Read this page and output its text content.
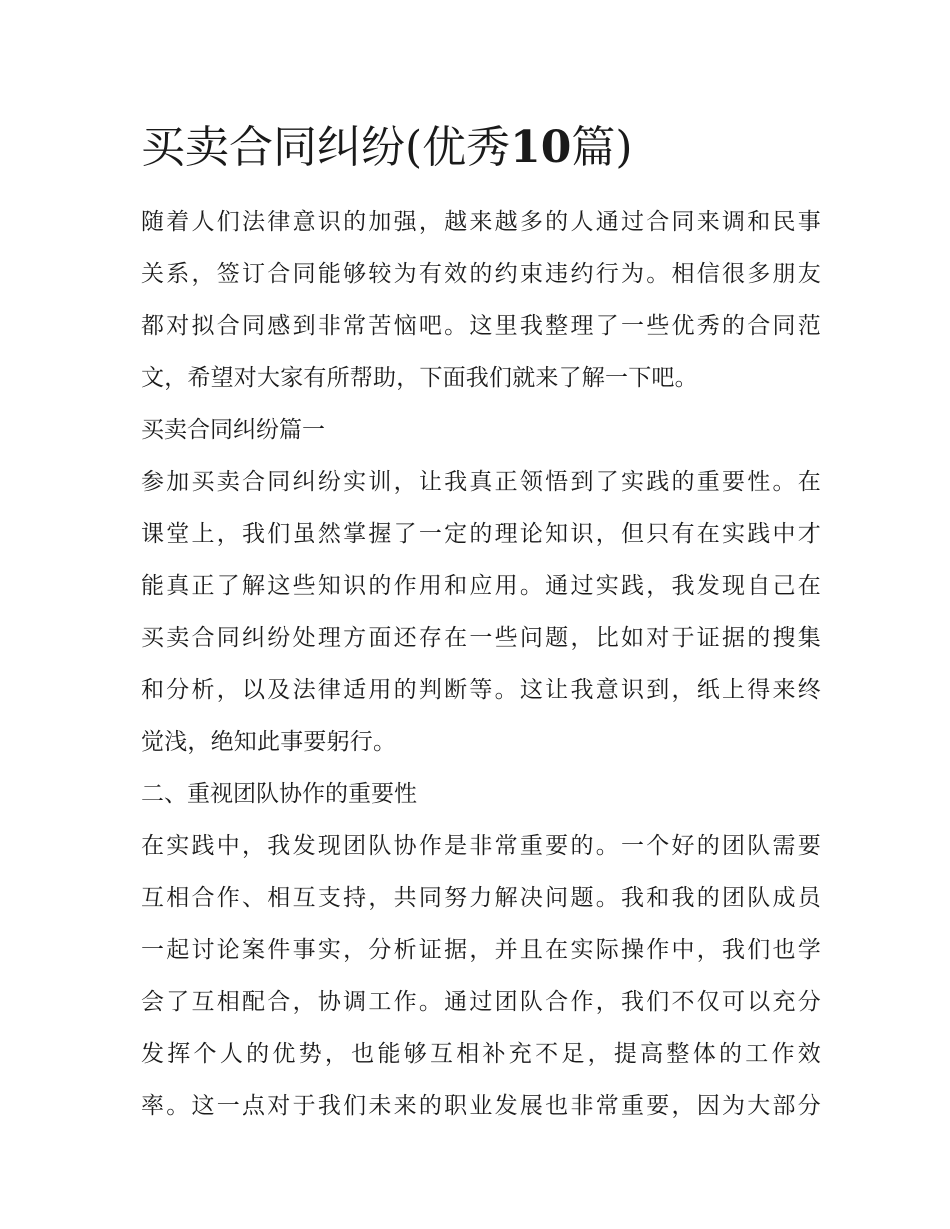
买卖合同纠纷(优秀10篇)
随着人们法律意识的加强，越来越多的人通过合同来调和民事
关系，签订合同能够较为有效的约束违约行为。相信很多朋友
都对拟合同感到非常苦恼吧。这里我整理了一些优秀的合同范
文，希望对大家有所帮助，下面我们就来了解一下吧。
买卖合同纠纷篇一
参加买卖合同纠纷实训，让我真正领悟到了实践的重要性。在
课堂上，我们虽然掌握了一定的理论知识，但只有在实践中才
能真正了解这些知识的作用和应用。通过实践，我发现自己在
买卖合同纠纷处理方面还存在一些问题，比如对于证据的搜集
和分析，以及法律适用的判断等。这让我意识到，纸上得来终
觉浅，绝知此事要躬行。
二、重视团队协作的重要性
在实践中，我发现团队协作是非常重要的。一个好的团队需要
互相合作、相互支持，共同努力解决问题。我和我的团队成员
一起讨论案件事实，分析证据，并且在实际操作中，我们也学
会了互相配合，协调工作。通过团队合作，我们不仅可以充分
发挥个人的优势，也能够互相补充不足，提高整体的工作效
率。这一点对于我们未来的职业发展也非常重要，因为大部分
